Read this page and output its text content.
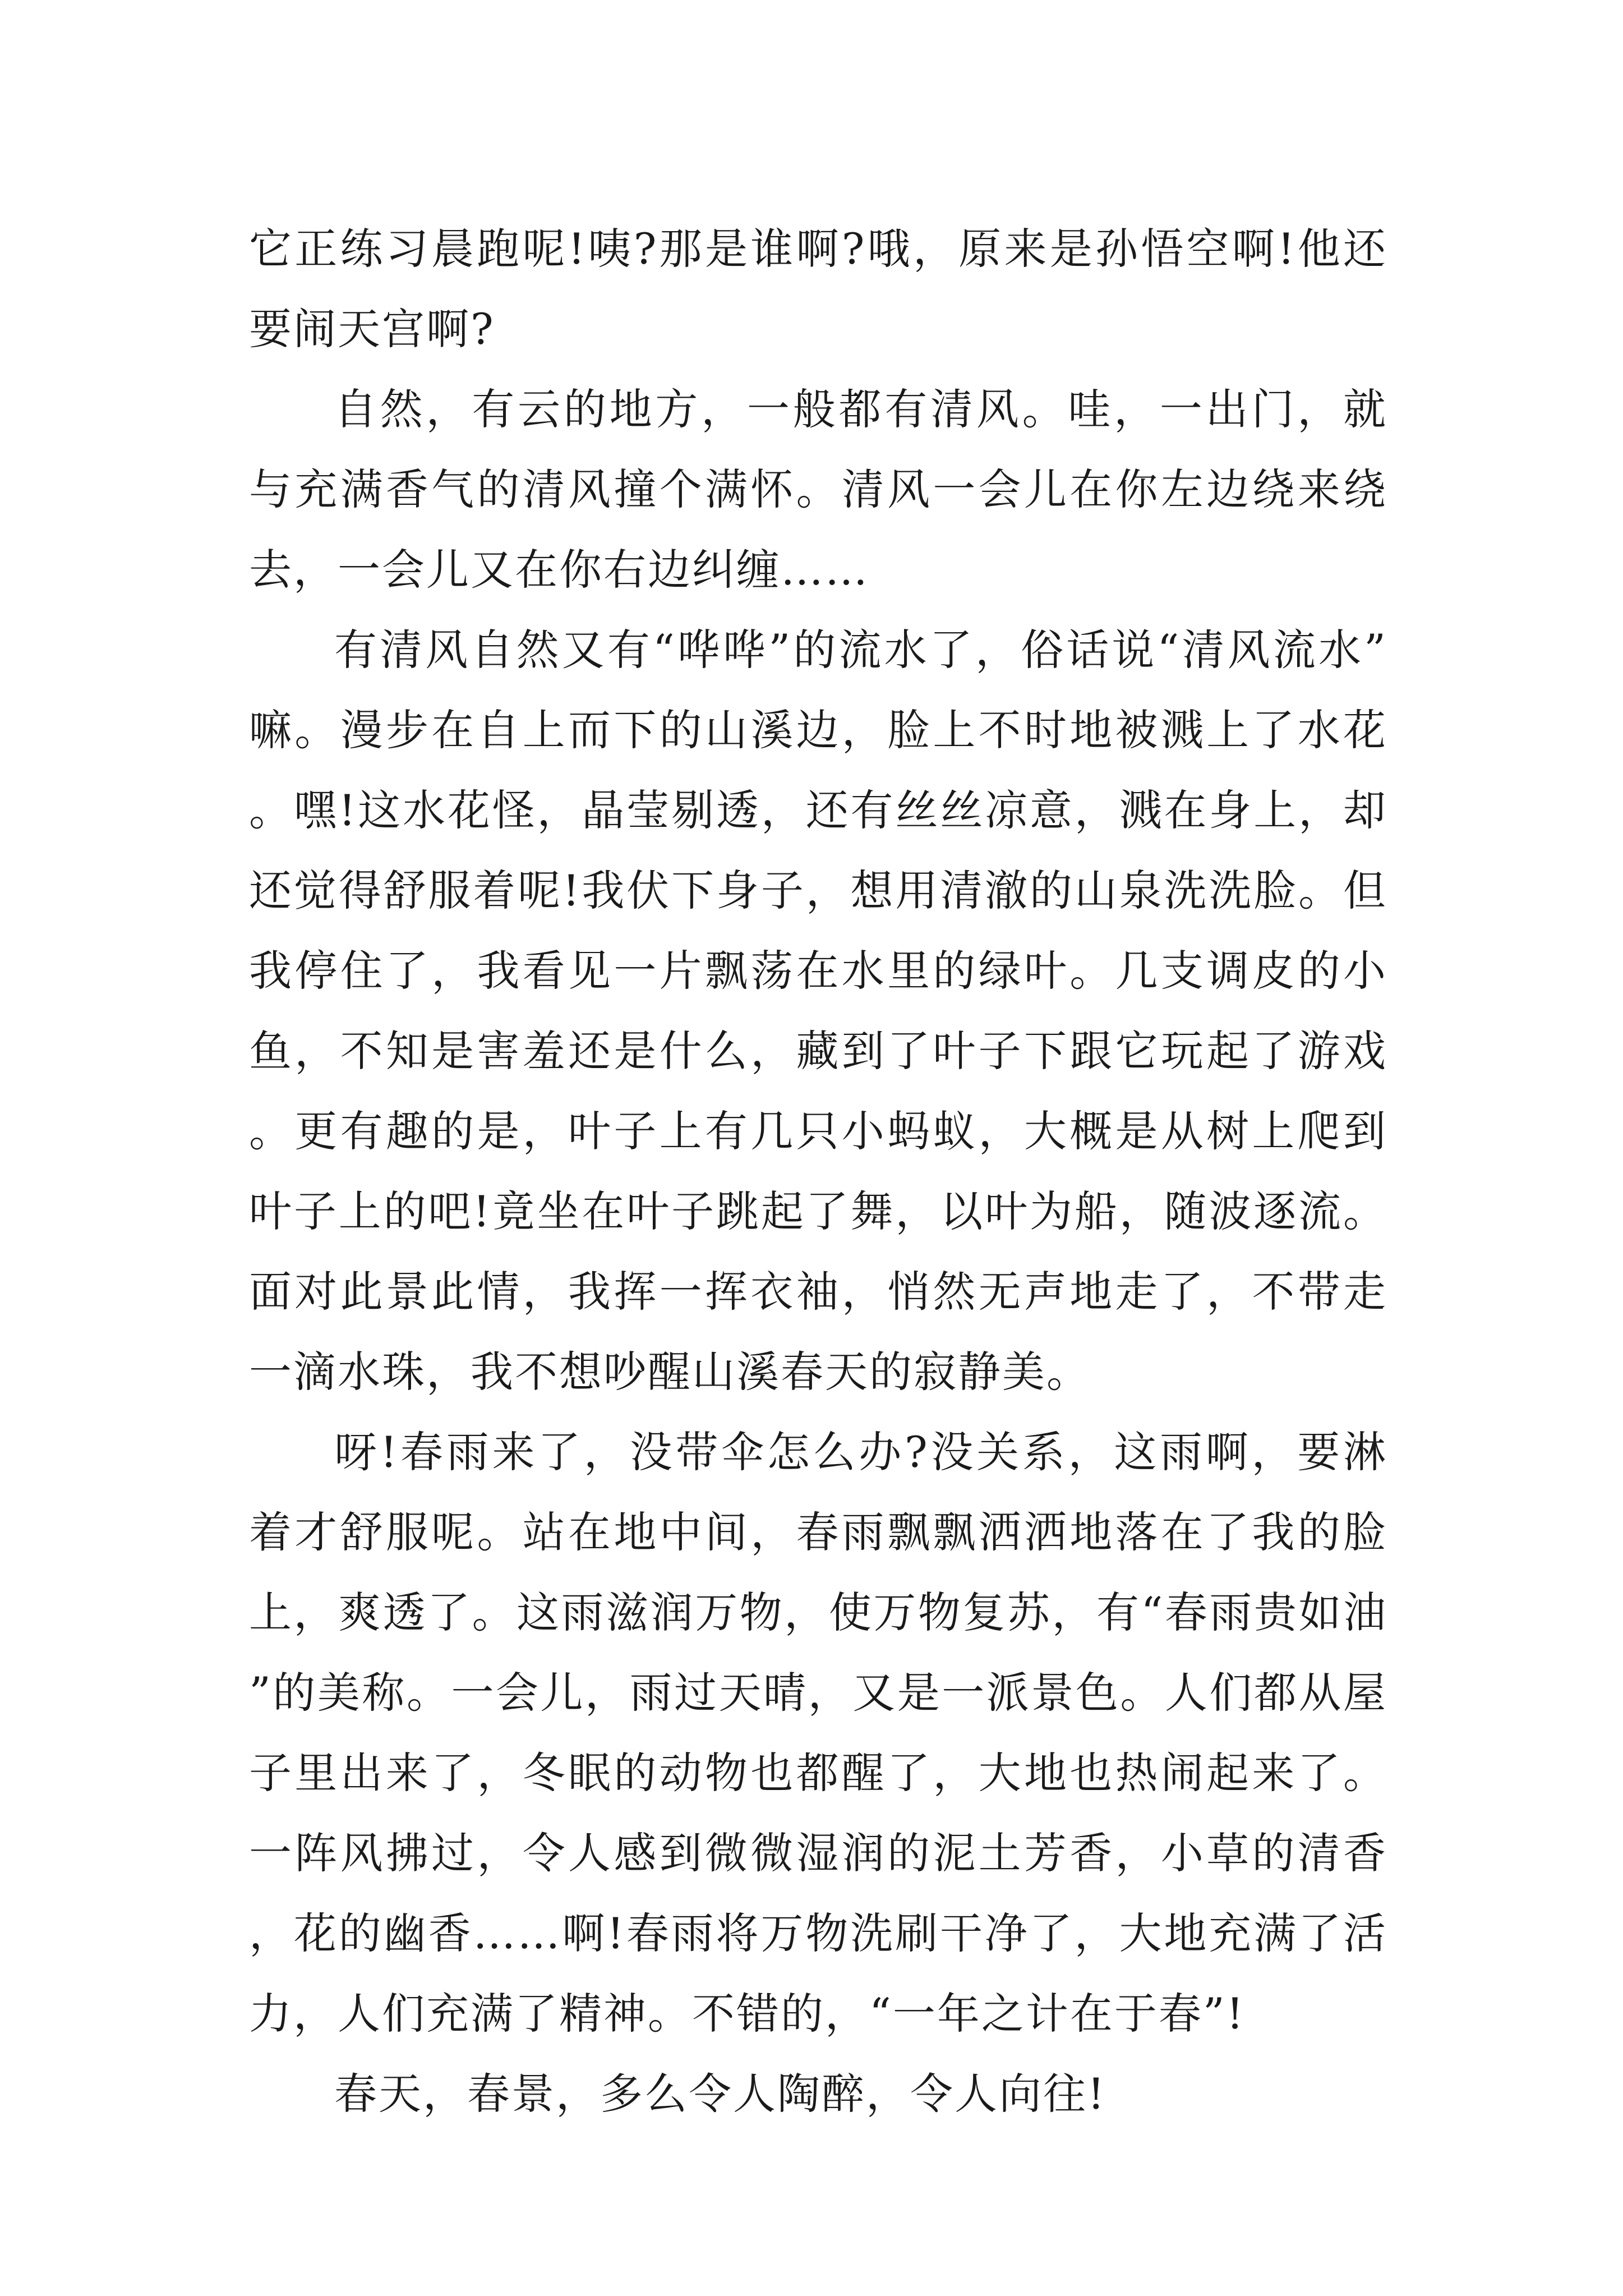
它正练习晨跑呢!咦?那是谁啊?哦，原来是孙悟空啊!他还要闹天宫啊?

自然，有云的地方，一般都有清风。哇，一出门，就与充满香气的清风撞个满怀。清风一会儿在你左边绕来绕去，一会儿又在你右边纠缠……

有清风自然又有“哗哗”的流水了，俗话说“清风流水”嘛。漫步在自上而下的山溪边，脸上不时地被溅上了水花。嘿!这水花怪，晶莹剔透，还有丝丝凉意，溅在身上，却还觉得舒服着呢!我伏下身子，想用清澈的山泉洗洗脸。但我停住了，我看见一片飘荡在水里的绿叶。几支调皮的小鱼，不知是害羞还是什么，藏到了叶子下跟它玩起了游戏。更有趣的是，叶子上有几只小蚂蚁，大概是从树上爬到叶子上的吧!竟坐在叶子跳起了舞，以叶为船，随波逐流。面对此景此情，我挥一挥衣袖，悄然无声地走了，不带走一滴水珠，我不想吵醒山溪春天的寂静美。

呀!春雨来了，没带伞怎么办?没关系，这雨啊，要淋着才舒服呢。站在地中间，春雨飘飘洒洒地落在了我的脸上，爽透了。这雨滋润万物，使万物复苏，有“春雨贵如油”的美称。一会儿，雨过天晴，又是一派景色。人们都从屋子里出来了，冬眠的动物也都醒了，大地也热闹起来了。一阵风拂过，令人感到微微湿润的泥土芳香，小草的清香，花的幽香……啊!春雨将万物洗刷干净了，大地充满了活力，人们充满了精神。不错的，“一年之计在于春”!

春天，春景，多么令人陶醉，令人向往!
